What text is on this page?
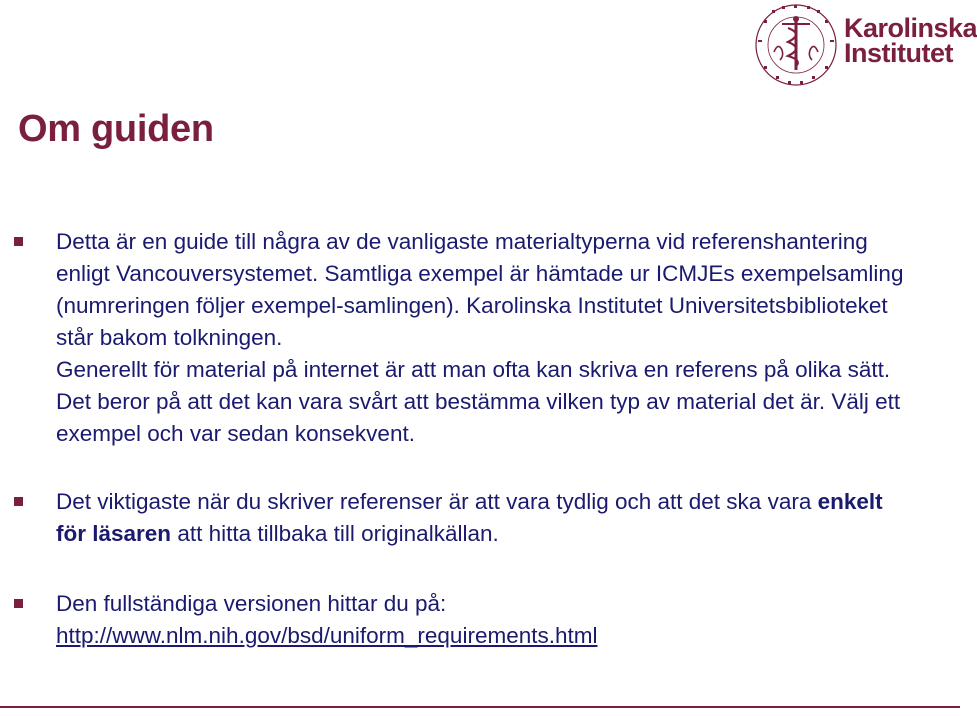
Karolinska
Institutet
Om guiden

Detta är en guide till några av de vanligaste materialtyperna vid referenshantering enligt Vancouversystemet. Samtliga exempel är hämtade ur ICMJEs exempelsamling (numreringen följer exempel-samlingen). Karolinska Institutet Universitetsbiblioteket står bakom tolkningen.

Generellt för material på internet är att man ofta kan skriva en referens på olika sätt. Det beror på att det kan vara svårt att bestämma vilken typ av material det är. Välj ett exempel och var sedan konsekvent.

Det viktigaste när du skriver referenser är att vara tydlig och att det ska vara enkelt för läsaren att hitta tillbaka till originalkällan.

Den fullständiga versionen hittar du på:

http://www.nlm.nih.gov/bsd/uniform_requirements.html
